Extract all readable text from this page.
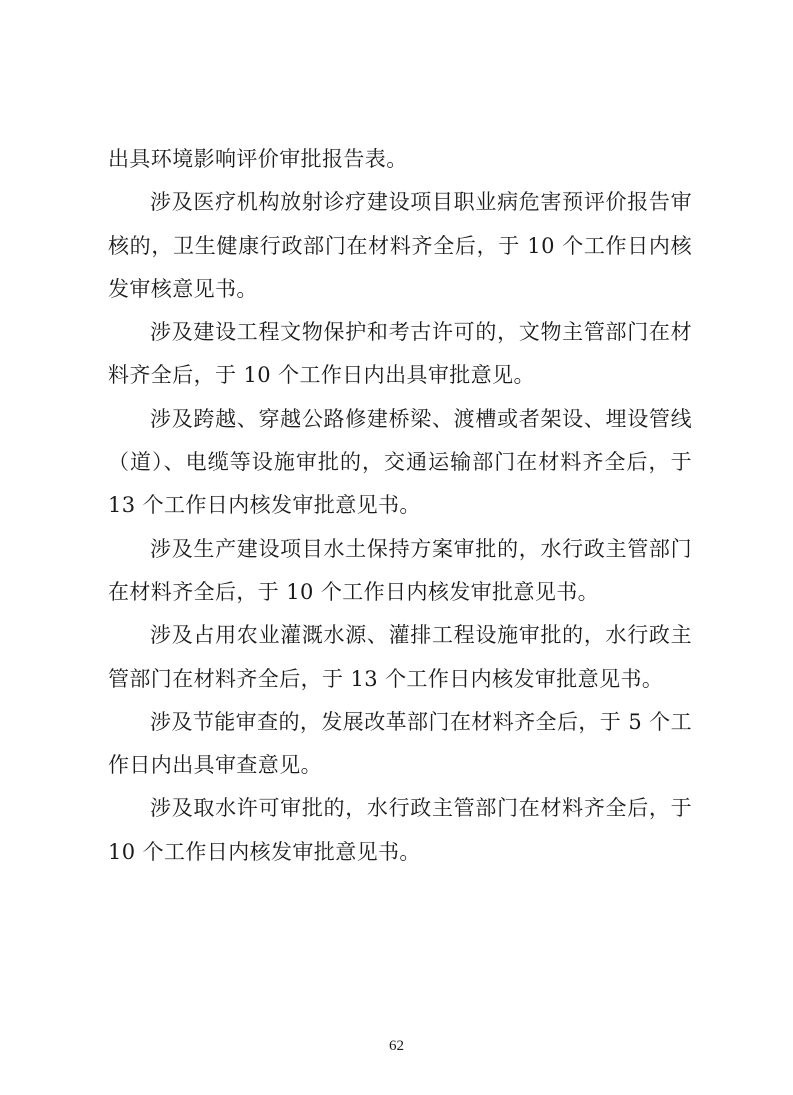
出具环境影响评价审批报告表。

涉及医疗机构放射诊疗建设项目职业病危害预评价报告审核的，卫生健康行政部门在材料齐全后，于 10 个工作日内核发审核意见书。

涉及建设工程文物保护和考古许可的，文物主管部门在材料齐全后，于 10 个工作日内出具审批意见。

涉及跨越、穿越公路修建桥梁、渡槽或者架设、埋设管线（道）、电缆等设施审批的，交通运输部门在材料齐全后，于 13 个工作日内核发审批意见书。

涉及生产建设项目水土保持方案审批的，水行政主管部门在材料齐全后，于 10 个工作日内核发审批意见书。

涉及占用农业灌溉水源、灌排工程设施审批的，水行政主管部门在材料齐全后，于 13 个工作日内核发审批意见书。

涉及节能审查的，发展改革部门在材料齐全后，于 5 个工作日内出具审查意见。

涉及取水许可审批的，水行政主管部门在材料齐全后，于 10 个工作日内核发审批意见书。

62
